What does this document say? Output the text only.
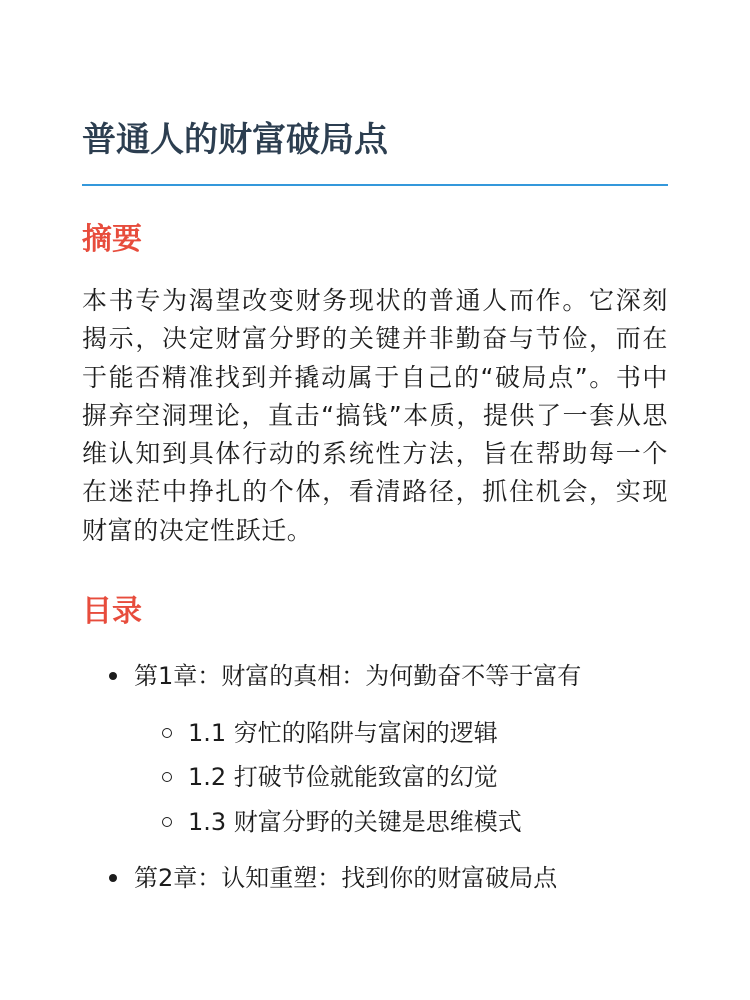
普通人的财富破局点
摘要

本书专为渴望改变财务现状的普通人而作。它深刻揭示，决定财富分野的关键并非勤奋与节俭，而在于能否精准找到并撬动属于自己的“破局点”。书中摒弃空洞理论，直击“搞钱”本质，提供了一套从思维认知到具体行动的系统性方法，旨在帮助每一个在迷茫中挣扎的个体，看清路径，抓住机会，实现财富的决定性跃迁。

目录
第1章：财富的真相：为何勤奋不等于富有
1.1 穷忙的陷阱与富闲的逻辑
1.2 打破节俭就能致富的幻觉
1.3 财富分野的关键是思维模式
第2章：认知重塑：找到你的财富破局点
